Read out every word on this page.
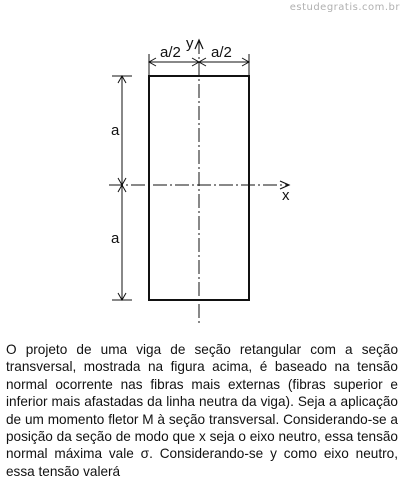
estudegratis.com.br
a/2 a/2
y
x
a
a

O projeto de uma viga de seção retangular com a seção transversal, mostrada na figura acima, é baseado na tensão normal ocorrente nas fibras mais externas (fibras superior e inferior mais afastadas da linha neutra da viga). Seja a aplicação de um momento fletor M à seção transversal. Considerando-se a posição da seção de modo que x seja o eixo neutro, essa tensão normal máxima vale σ. Considerando-se y como eixo neutro, essa tensão valerá
